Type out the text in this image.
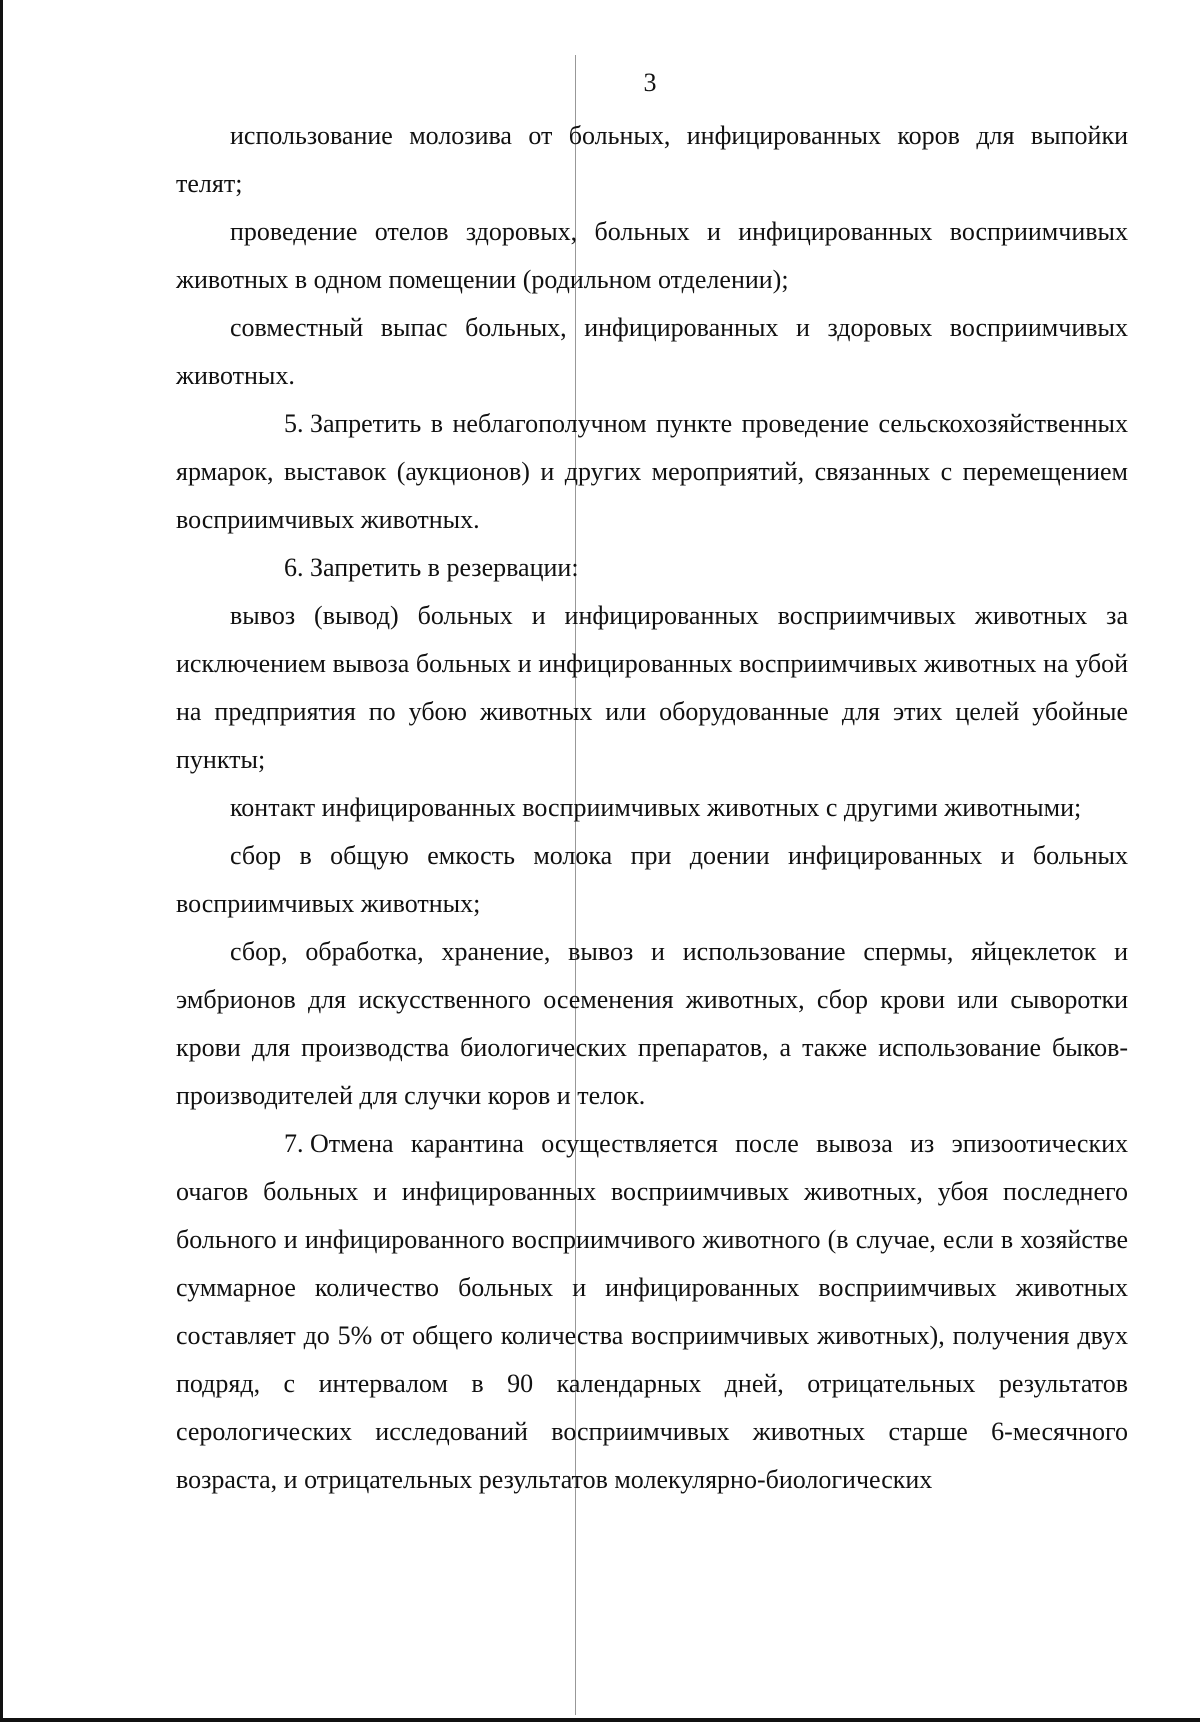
3

использование молозива от больных, инфицированных коров для выпойки телят;

проведение отелов здоровых, больных и инфицированных восприимчивых животных в одном помещении (родильном отделении);

совместный выпас больных, инфицированных и здоровых восприимчивых животных.

5. Запретить в неблагополучном пункте проведение сельскохозяйственных ярмарок, выставок (аукционов) и других мероприятий, связанных с перемещением восприимчивых животных.

6. Запретить в резервации:

вывоз (вывод) больных и инфицированных восприимчивых животных за исключением вывоза больных и инфицированных восприимчивых животных на убой на предприятия по убою животных или оборудованные для этих целей убойные пункты;

контакт инфицированных восприимчивых животных с другими животными;

сбор в общую емкость молока при доении инфицированных и больных восприимчивых животных;

сбор, обработка, хранение, вывоз и использование спермы, яйцеклеток и эмбрионов для искусственного осеменения животных, сбор крови или сыворотки крови для производства биологических препаратов, а также использование быков-производителей для случки коров и телок.

7. Отмена карантина осуществляется после вывоза из эпизоотических очагов больных и инфицированных восприимчивых животных, убоя последнего больного и инфицированного восприимчивого животного (в случае, если в хозяйстве суммарное количество больных и инфицированных восприимчивых животных составляет до 5% от общего количества восприимчивых животных), получения двух подряд, с интервалом в 90 календарных дней, отрицательных результатов серологических исследований восприимчивых животных старше 6-месячного возраста, и отрицательных результатов молекулярно-биологических
